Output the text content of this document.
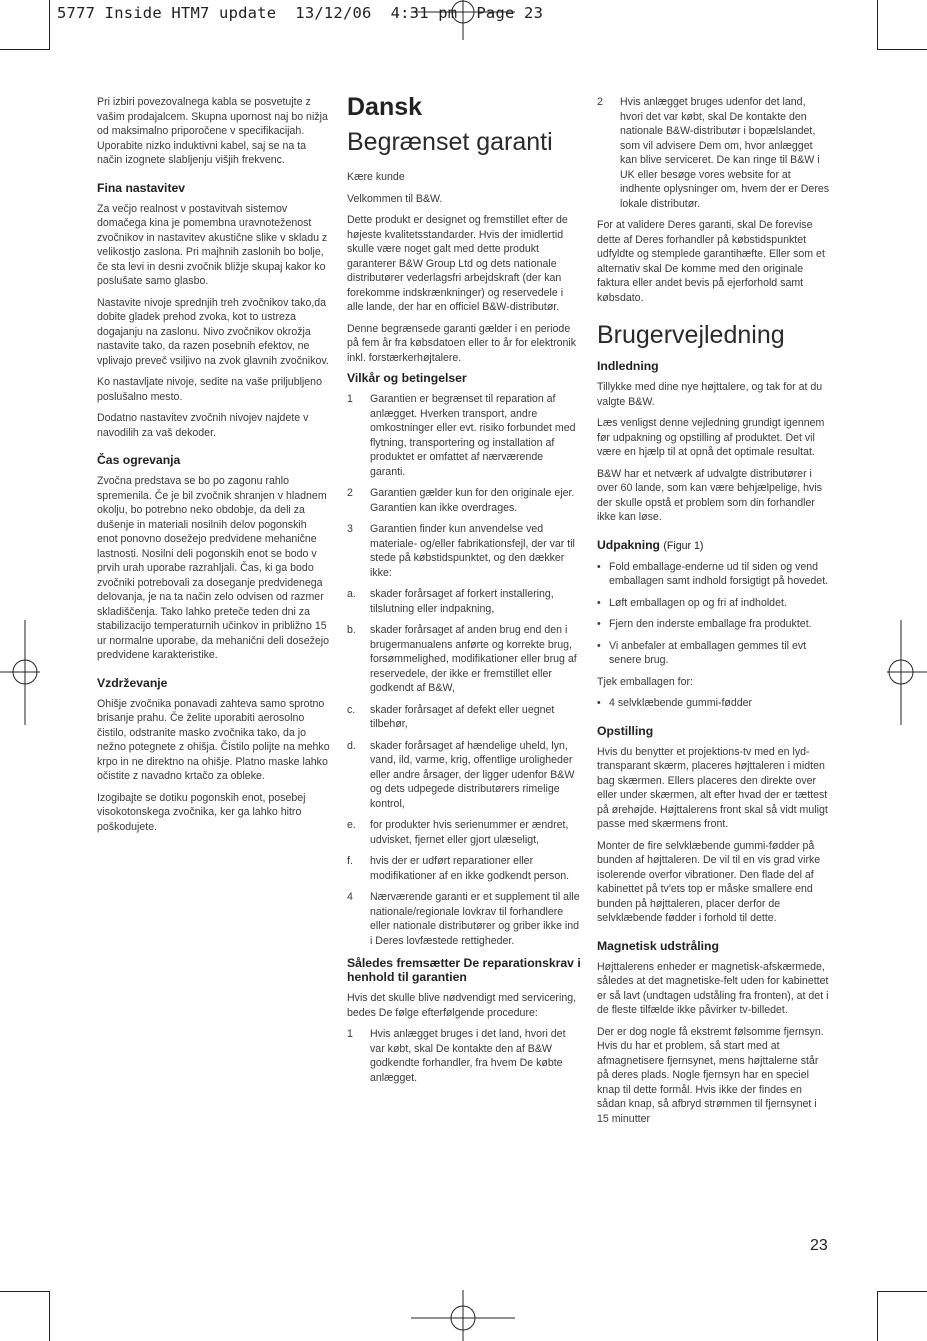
5777 Inside HTM7 update  13/12/06  4:31 pm  Page 23

Pri izbiri povezovalnega kabla se posvetujte z vašim prodajalcem. Skupna upornost naj bo nižja od maksimalno priporočene v specifikacijah. Uporabite nizko induktivni kabel, saj se na ta način izognete slabljenju višjih frekvenc.

Fina nastavitev

Za večjo realnost v postavitvah sistemov domačega kina je pomembna uravnoteženost zvočnikov in nastavitev akustične slike v skladu z velikostjo zaslona. Pri majhnih zaslonih bo bolje, če sta levi in desni zvočnik bližje skupaj kakor ko poslušate samo glasbo.

Nastavite nivoje sprednjih treh zvočnikov tako,da dobite gladek prehod zvoka, kot to ustreza dogajanju na zaslonu. Nivo zvočnikov okrožja nastavite tako, da razen posebnih efektov, ne vplivajo preveč vsiljivo na zvok glavnih zvočnikov.

Ko nastavljate nivoje, sedite na vaše priljubljeno poslušalno mesto.

Dodatno nastavitev zvočnih nivojev najdete v navodilih za vaš dekoder.

Čas ogrevanja

Zvočna predstava se bo po zagonu rahlo spremenila. Če je bil zvočnik shranjen v hladnem okolju, bo potrebno neko obdobje, da deli za dušenje in materiali nosilnih delov pogonskih enot ponovno dosežejo predvidene mehanične lastnosti. Nosilni deli pogonskih enot se bodo v prvih urah uporabe razrahljali. Čas, ki ga bodo zvočniki potrebovali za doseganje predvidenega delovanja, je na ta način zelo odvisen od razmer skladiščenja. Tako lahko preteče teden dni za stabilizacijo temperaturnih učinkov in približno 15 ur normalne uporabe, da mehanični deli dosežejo predvidene karakteristike.

Vzdrževanje

Ohišje zvočnika ponavadi zahteva samo sprotno brisanje prahu. Če želite uporabiti aerosolno čistilo, odstranite masko zvočnika tako, da jo nežno potegnete z ohišja. Čistilo polijte na mehko krpo in ne direktno na ohišje. Platno maske lahko očistite z navadno krtačo za obleke.

Izogibajte se dotiku pogonskih enot, posebej visokotonskega zvočnika, ker ga lahko hitro poškodujete.

Dansk
Begrænset garanti

Kære kunde

Velkommen til B&W.

Dette produkt er designet og fremstillet efter de højeste kvalitetsstandarder. Hvis der imidlertid skulle være noget galt med dette produkt garanterer B&W Group Ltd og dets nationale distributører vederlagsfri arbejdskraft (der kan forekomme indskrænkninger) og reservedele i alle lande, der har en officiel B&W-distributør.

Denne begrænsede garanti gælder i en periode på fem år fra købsdatoen eller to år for elektronik inkl. forstærkerhøjtalere.

Vilkår og betingelser
1	Garantien er begrænset til reparation af anlægget. Hverken transport, andre omkostninger eller evt. risiko forbundet med flytning, transportering og installation af produktet er omfattet af nærværende garanti.
2	Garantien gælder kun for den originale ejer. Garantien kan ikke overdrages.
3	Garantien finder kun anvendelse ved materiale- og/eller fabrikationsfejl, der var til stede på købstidspunktet, og den dækker ikke:
a.	skader forårsaget af forkert installering, tilslutning eller indpakning,
b.	skader forårsaget af anden brug end den i brugermanualens anførte og korrekte brug, forsømmelighed, modifikationer eller brug af reservedele, der ikke er fremstillet eller godkendt af B&W,
c.	skader forårsaget af defekt eller uegnet tilbehør,
d.	skader forårsaget af hændelige uheld, lyn, vand, ild, varme, krig, offentlige uroligheder eller andre årsager, der ligger udenfor B&W og dets udpegede distributørers rimelige kontrol,
e.	for produkter hvis serienummer er ændret, udvisket, fjernet eller gjort ulæseligt,
f.	hvis der er udført reparationer eller modifikationer af en ikke godkendt person.
4	Nærværende garanti er et supplement til alle nationale/regionale lovkrav til forhandlere eller nationale distributører og griber ikke ind i Deres lovfæstede rettigheder.
Således fremsætter De reparationskrav i henhold til garantien

Hvis det skulle blive nødvendigt med servicering, bedes De følge efterfølgende procedure:

1	Hvis anlægget bruges i det land, hvori det var købt, skal De kontakte den af B&W godkendte forhandler, fra hvem De købte anlægget.
2	Hvis anlægget bruges udenfor det land, hvori det var købt, skal De kontakte den nationale B&W-distributør i bopælslandet, som vil advisere Dem om, hvor anlægget kan blive serviceret. De kan ringe til B&W i UK eller besøge vores website for at indhente oplysninger om, hvem der er Deres lokale distributør.

For at validere Deres garanti, skal De forevise dette af Deres forhandler på købstidspunktet udfyldte og stemplede garantihæfte. Eller som et alternativ skal De komme med den originale faktura eller andet bevis på ejerforhold samt købsdato.

Brugervejledning
Indledning

Tillykke med dine nye højttalere, og tak for at du valgte B&W.

Læs venligst denne vejledning grundigt igennem før udpakning og opstilling af produktet. Det vil være en hjælp til at opnå det optimale resultat.

B&W har et netværk af udvalgte distributører i over 60 lande, som kan være behjælpelige, hvis der skulle opstå et problem som din forhandler ikke kan løse.

Udpakning (Figur 1)
• Fold emballage-enderne ud til siden og vend emballagen samt indhold forsigtigt på hovedet.
• Løft emballagen op og fri af indholdet.
• Fjern den inderste emballage fra produktet.
• Vi anbefaler at emballagen gemmes til evt senere brug.

Tjek emballagen for:

• 4 selvklæbende gummi-fødder
Opstilling

Hvis du benytter et projektions-tv med en lyd-transparant skærm, placeres højttaleren i midten bag skærmen. Ellers placeres den direkte over eller under skærmen, alt efter hvad der er tættest på ørehøjde. Højttalerens front skal så vidt muligt passe med skærmens front.

Monter de fire selvklæbende gummi-fødder på bunden af højttaleren. De vil til en vis grad virke isolerende overfor vibrationer. Den flade del af kabinettet på tv'ets top er måske smallere end bunden på højttaleren, placer derfor de selvklæbende fødder i forhold til dette.

Magnetisk udstråling

Højttalerens enheder er magnetisk-afskærmede, således at det magnetiske-felt uden for kabinettet er så lavt (undtagen udståling fra fronten), at det i de fleste tilfælde ikke påvirker tv-billedet.

Der er dog nogle få ekstremt følsomme fjernsyn. Hvis du har et problem, så start med at afmagnetisere fjernsynet, mens højttalerne står på deres plads. Nogle fjernsyn har en speciel knap til dette formål. Hvis ikke der findes en sådan knap, så afbryd strømmen til fjernsynet i 15 minutter

23
